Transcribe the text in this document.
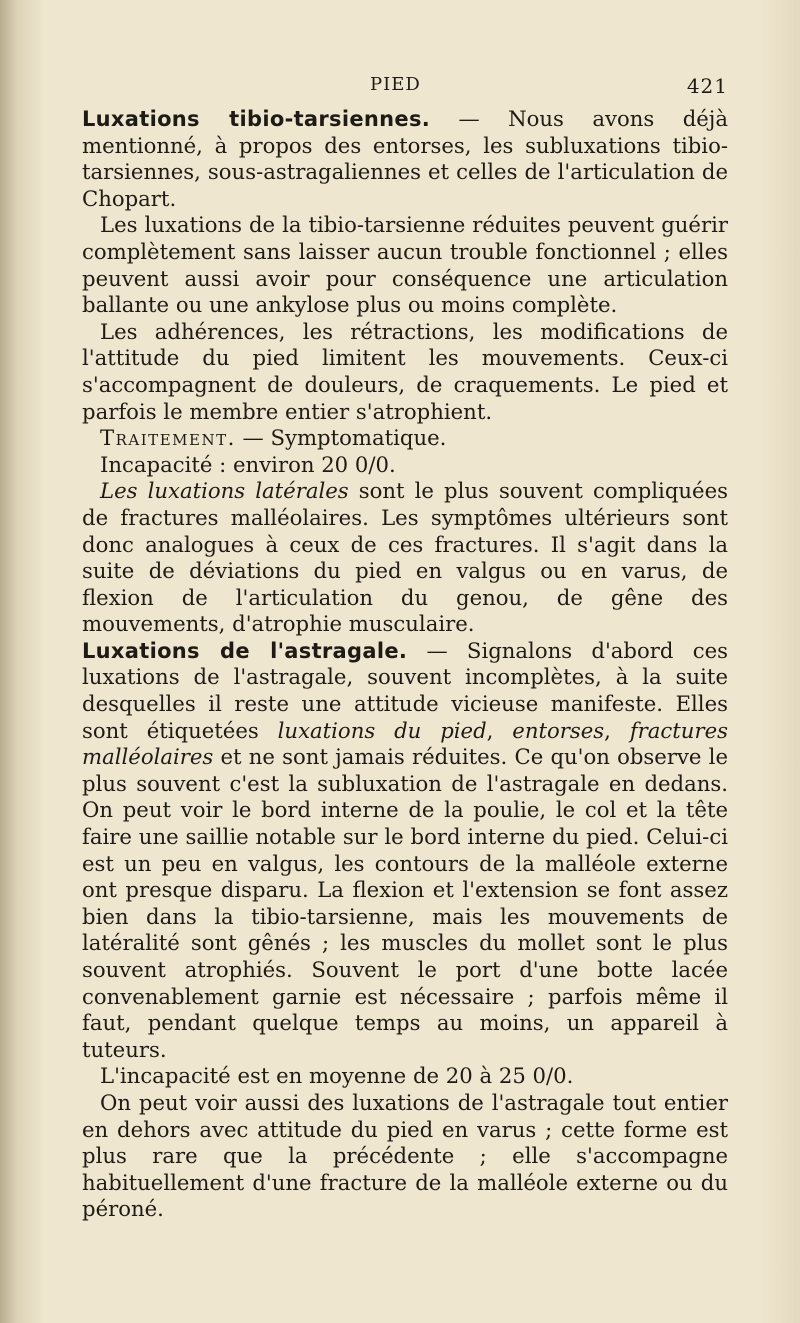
PIED	421

Luxations tibio-tarsiennes. — Nous avons déjà mentionné, à propos des entorses, les subluxations tibio-tarsiennes, sous-astragaliennes et celles de l'articulation de Chopart.

Les luxations de la tibio-tarsienne réduites peuvent guérir complètement sans laisser aucun trouble fonctionnel ; elles peuvent aussi avoir pour conséquence une articulation ballante ou une ankylose plus ou moins complète.

Les adhérences, les rétractions, les modifications de l'attitude du pied limitent les mouvements. Ceux-ci s'accompagnent de douleurs, de craquements. Le pied et parfois le membre entier s'atrophient.

Traitement. — Symptomatique.

Incapacité : environ 20 0/0.

Les luxations latérales sont le plus souvent compliquées de fractures malléolaires. Les symptômes ultérieurs sont donc analogues à ceux de ces fractures. Il s'agit dans la suite de déviations du pied en valgus ou en varus, de flexion de l'articulation du genou, de gêne des mouvements, d'atrophie musculaire.

Luxations de l'astragale. — Signalons d'abord ces luxations de l'astragale, souvent incomplètes, à la suite desquelles il reste une attitude vicieuse manifeste. Elles sont étiquetées luxations du pied, entorses, fractures malléolaires et ne sont jamais réduites. Ce qu'on observe le plus souvent c'est la subluxation de l'astragale en dedans. On peut voir le bord interne de la poulie, le col et la tête faire une saillie notable sur le bord interne du pied. Celui-ci est un peu en valgus, les contours de la malléole externe ont presque disparu. La flexion et l'extension se font assez bien dans la tibio-tarsienne, mais les mouvements de latéralité sont gênés ; les muscles du mollet sont le plus souvent atrophiés. Souvent le port d'une botte lacée convenablement garnie est nécessaire ; parfois même il faut, pendant quelque temps au moins, un appareil à tuteurs.

L'incapacité est en moyenne de 20 à 25 0/0.

On peut voir aussi des luxations de l'astragale tout entier en dehors avec attitude du pied en varus ; cette forme est plus rare que la précédente ; elle s'accompagne habituellement d'une fracture de la malléole externe ou du péroné.
